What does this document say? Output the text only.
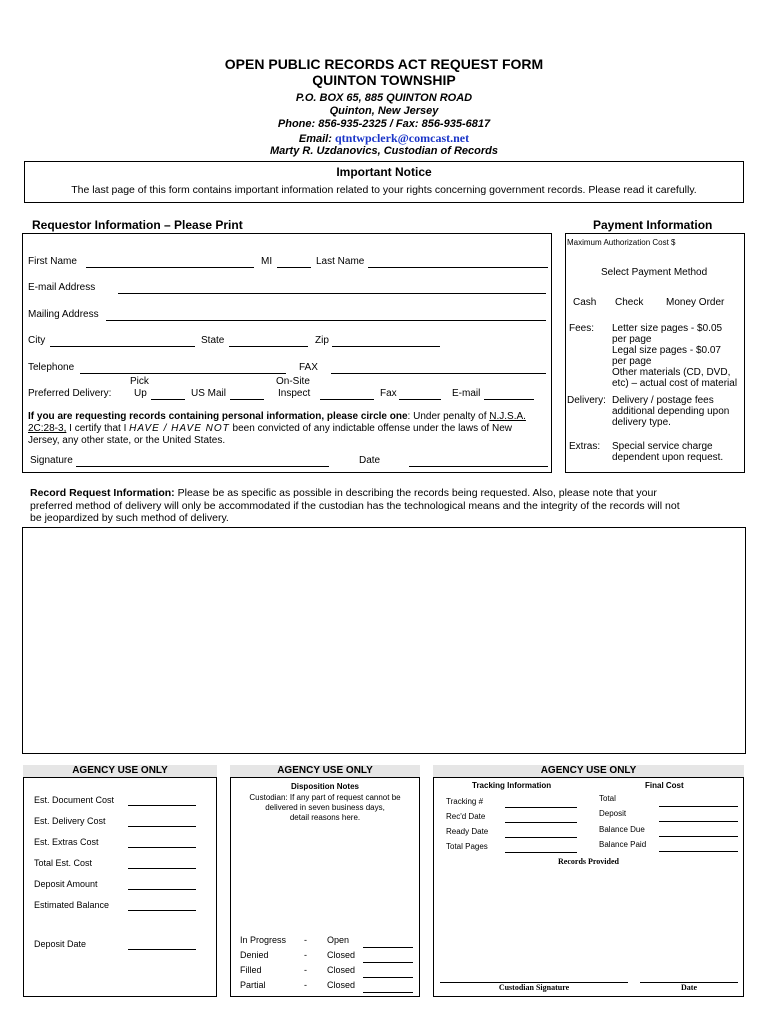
OPEN PUBLIC RECORDS ACT REQUEST FORM
QUINTON TOWNSHIP
P.O. BOX 65, 885 QUINTON ROAD
Quinton, New Jersey
Phone: 856-935-2325 / Fax: 856-935-6817
Email: qtntwpclerk@comcast.net
Marty R. Uzdanovics, Custodian of Records
Important Notice
The last page of this form contains important information related to your rights concerning government records. Please read it carefully.
Requestor Information – Please Print
First Name	MI	Last Name
E-mail Address
Mailing Address
City	State	Zip
Telephone	FAX
Pick	On-Site
Preferred Delivery: Up	US Mail	Inspect	Fax	E-mail
If you are requesting records containing personal information, please circle one: Under penalty of N.J.S.A.
2C:28-3, I certify that I HAVE / HAVE NOT been convicted of any indictable offense under the laws of New
Jersey, any other state, or the United States.
Signature	Date
Payment Information
Maximum Authorization Cost $
Select Payment Method
Cash Check Money Order
Fees: Letter size pages - $0.05
per page
Legal size pages - $0.07
per page
Other materials (CD, DVD,
etc) – actual cost of material
Delivery: Delivery / postage fees
additional depending upon
delivery type.
Extras: Special service charge
dependent upon request.
Record Request Information: Please be as specific as possible in describing the records being requested. Also, please note that your
preferred method of delivery will only be accommodated if the custodian has the technological means and the integrity of the records will not
be jeopardized by such method of delivery.
AGENCY USE ONLY
Est. Document Cost
Est. Delivery Cost
Est. Extras Cost
Total Est. Cost
Deposit Amount
Estimated Balance
Deposit Date
AGENCY USE ONLY
Disposition Notes
Custodian: If any part of request cannot be
delivered in seven business days,
detail reasons here.
In Progress - Open
Denied	- Closed
Filled	- Closed
Partial	- Closed
AGENCY USE ONLY
Tracking Information	Final Cost
Tracking #
Rec'd Date
Ready Date
Total Pages
Total
Deposit
Balance Due
Balance Paid
Records Provided
Custodian Signature	Date
